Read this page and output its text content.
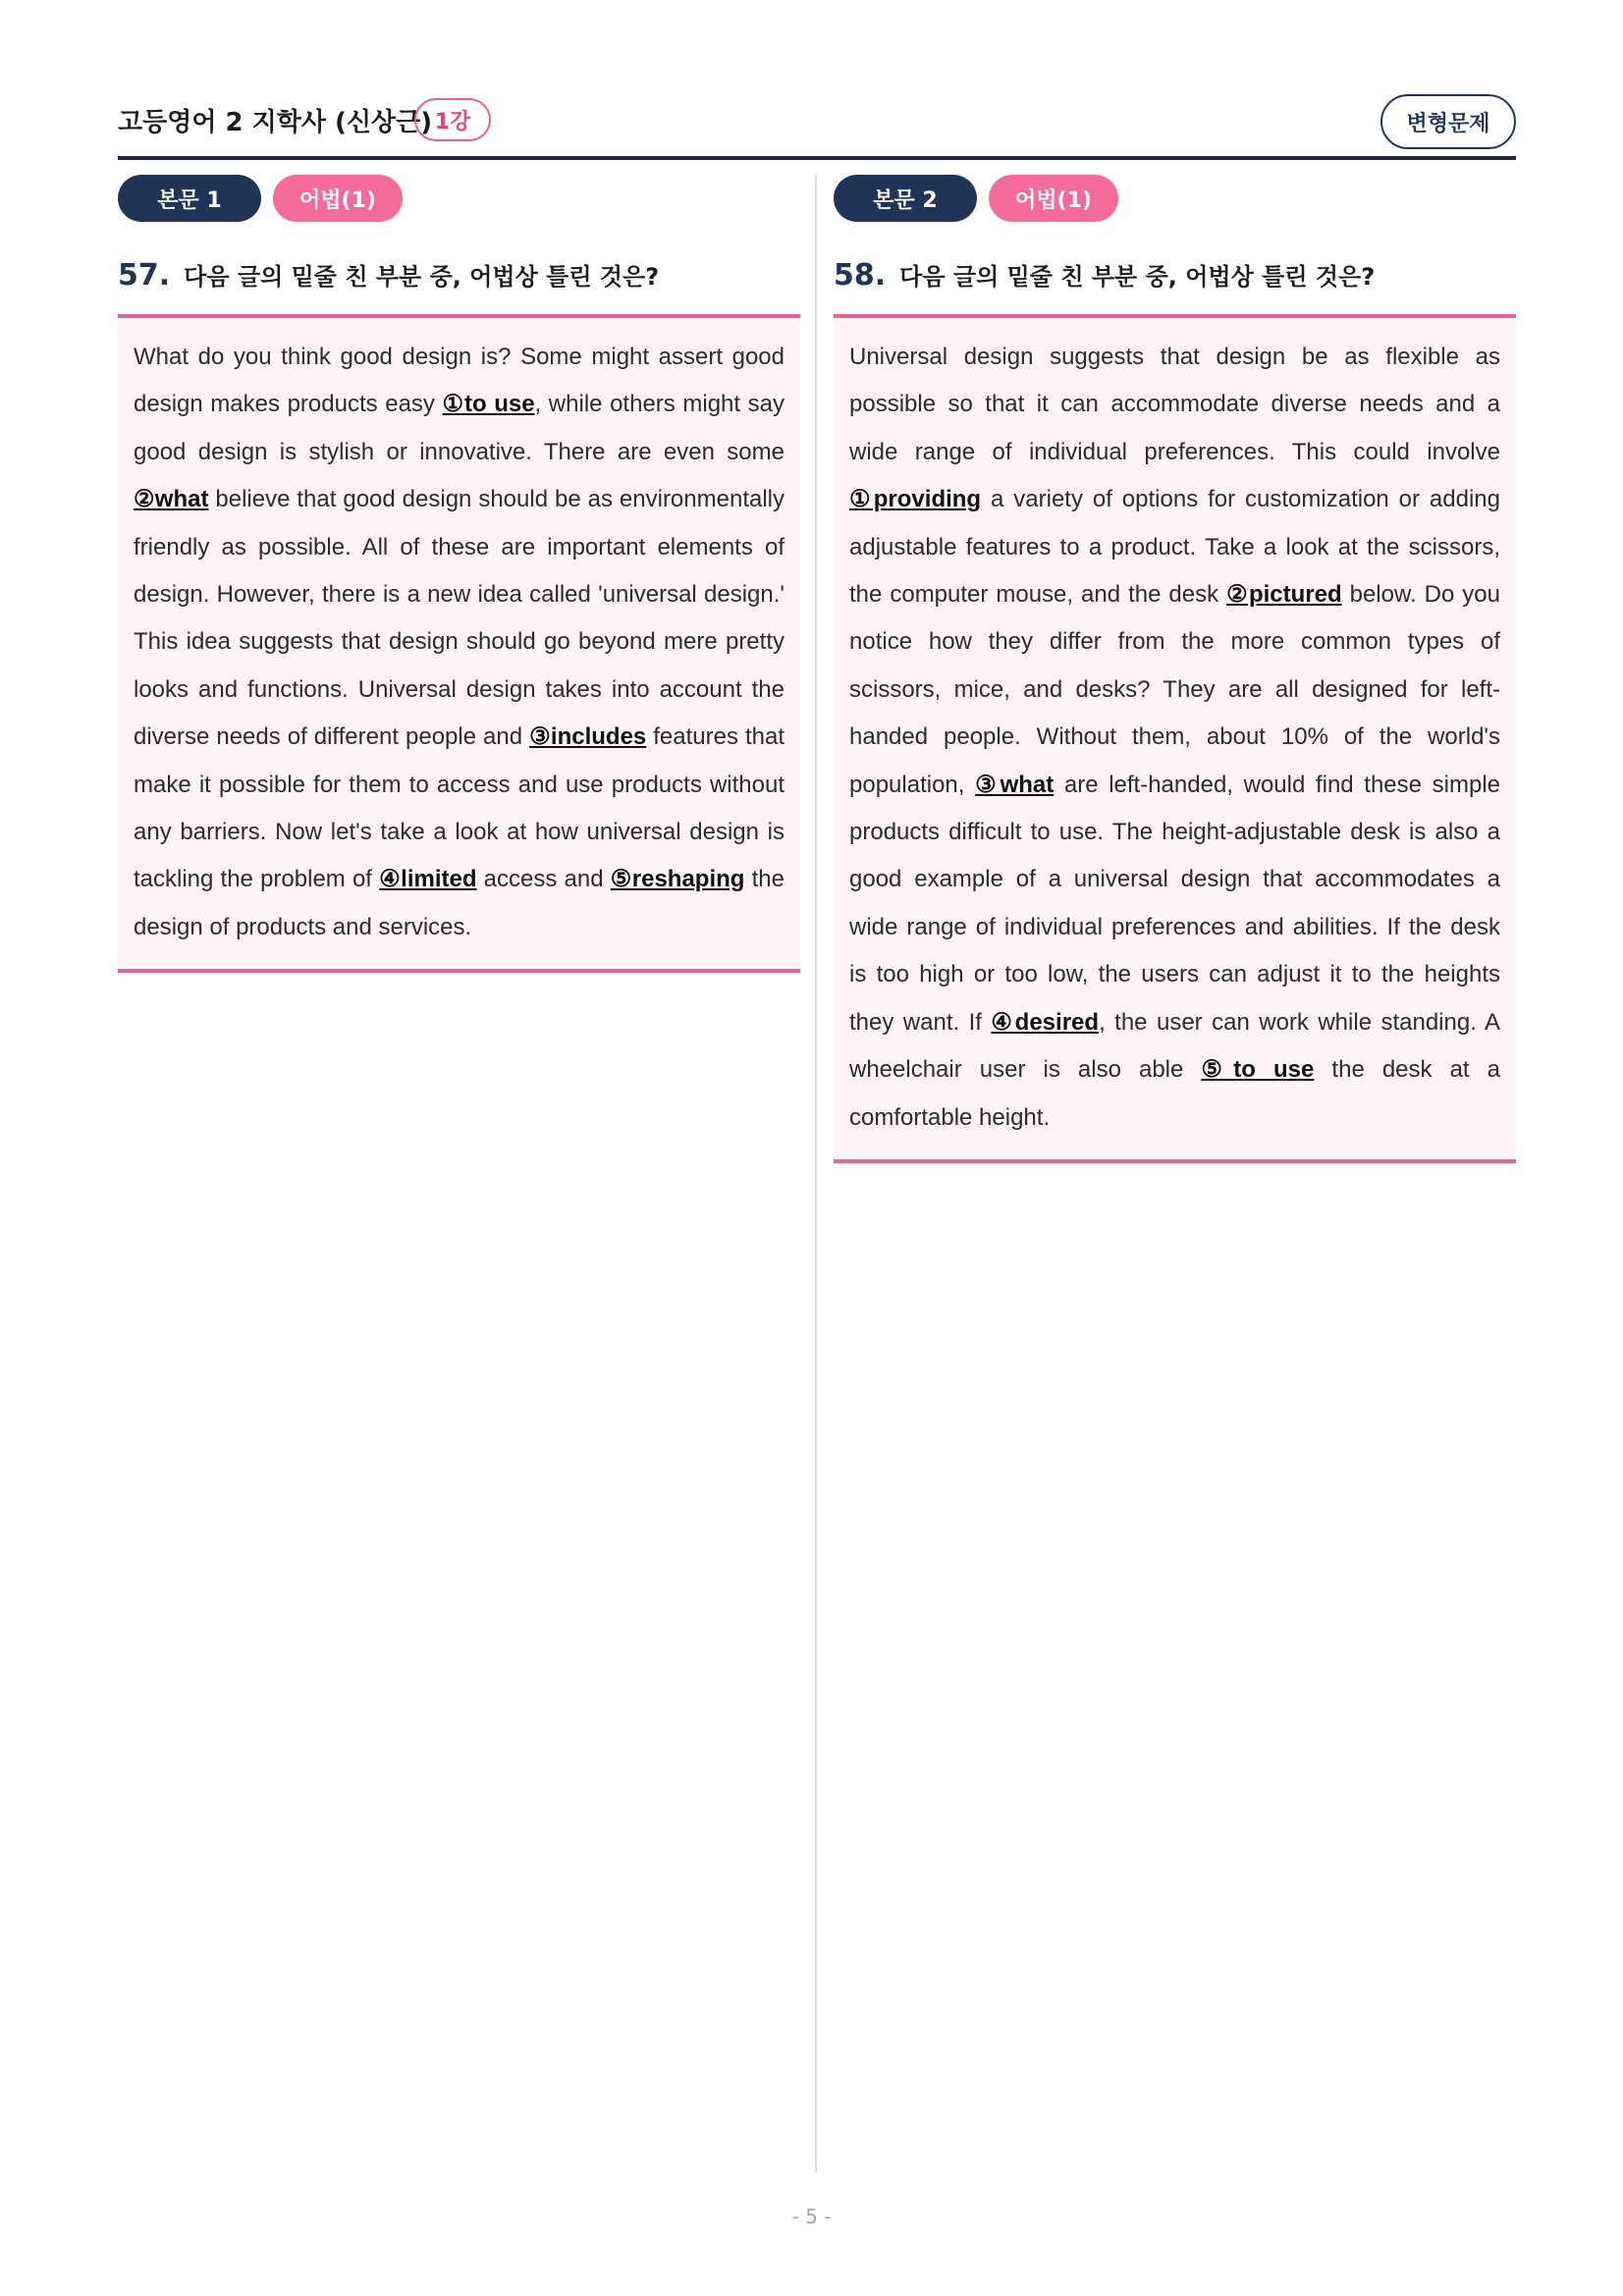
고등영어 2 지학사 (신상근) 1강	변형문제
본문 1	어법(1)
57. 다음 글의 밑줄 친 부분 중, 어법상 틀린 것은?
What do you think good design is? Some might assert good design makes products easy ①to use, while others might say good design is stylish or innovative. There are even some ②what believe that good design should be as environmentally friendly as possible. All of these are important elements of design. However, there is a new idea called 'universal design.' This idea suggests that design should go beyond mere pretty looks and functions. Universal design takes into account the diverse needs of different people and ③includes features that make it possible for them to access and use products without any barriers. Now let's take a look at how universal design is tackling the problem of ④limited access and ⑤reshaping the design of products and services.
본문 2	어법(1)
58. 다음 글의 밑줄 친 부분 중, 어법상 틀린 것은?
Universal design suggests that design be as flexible as possible so that it can accommodate diverse needs and a wide range of individual preferences. This could involve ①providing a variety of options for customization or adding adjustable features to a product. Take a look at the scissors, the computer mouse, and the desk ②pictured below. Do you notice how they differ from the more common types of scissors, mice, and desks? They are all designed for left-handed people. Without them, about 10% of the world's population, ③what are left-handed, would find these simple products difficult to use. The height-adjustable desk is also a good example of a universal design that accommodates a wide range of individual preferences and abilities. If the desk is too high or too low, the users can adjust it to the heights they want. If ④desired, the user can work while standing. A wheelchair user is also able ⑤to use the desk at a comfortable height.
- 5 -
